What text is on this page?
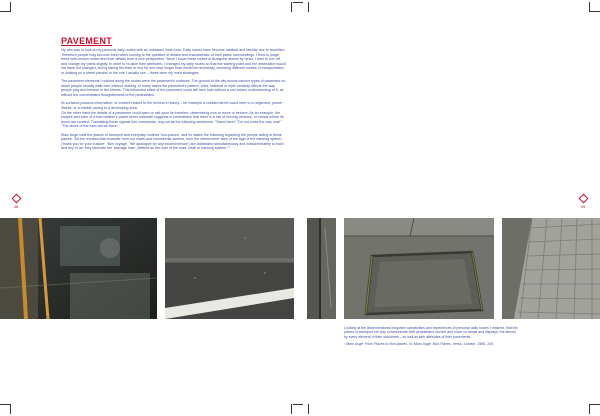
PAVEMENT

My aim was to look at my personal daily routes with an unbiased, fresh look. Daily routes have become habitual and familiar due to repetition. Therefore people may become blind when coming to the question of details and characteristic of their paths' surroundings. I tried to judge these well-known routes and their details from a new perspective. Since I know these routes in Budapest almost by heart, I tried to turn off and change my paths slightly, in order to re-alize their attributes. I changed my daily routes so that the starting point and the destination would not have not changed, but by taking the tram or bus for one stop longer than would be necessary, choosing different modes of transportation, or walking on a street parallel to the one I usually use – these were my main strategies.

The pavement elements I noticed along the routes were the pavement's surfaces. The ground of the city shows various types of pavement on which people usually walk over without noticing. In many cases the pavement's pattern, color, material or style certainly affects the way people play and behave in the streets. This influential effect of the pavement could still take hold without a con-scious understanding of it, as without the concentrated thoughtfulness of the pedestrians.

Its surfaces possess information, or content related to the environ's history – for example a cobbled street could refer to a neglected, poorer district, or a marble paving to a developing area.

On the other hand the details of a pavement could warn or call upon its travelers, determining how to move or behave. As an example, the shapes and color of a tram station's paved stone sidewalk suggests to pedestrians that there is a risk of moving vehicles, or shows where its doors are located. Translating these signals into commands, ring out as the following sentences: "Stand here!" "Do not cross the way now!" "The doors of the tram will be there."

Marc Augé calls the places of transport and everyday routines 'non-places', and he states the following regarding the people acting in these places: "All the remarks that emanate from our roads and commercial centres, from the streetcorner sites of the sign of the banking system ('thank you for your custom', 'Bon voyage', 'We apologize for any inconvenience') are addressed simultaneously and indiscriminately to each and any of us: they fabricate the 'average man', defined as the user of the road, retail or banking system."¹

48	49

Looking at the aforementioned forgotten specificities and experiences of personal daily routes I realized, that the places of transport not only communicate with pedestrians via text and voice on lamps and displays, but almost by every element of their structures – as well as with attributes of their pavements.

¹ Marc Augé: From Places to Non-places. In: Marc Augé: Non-Places. Verso, London, 1995, 100.
